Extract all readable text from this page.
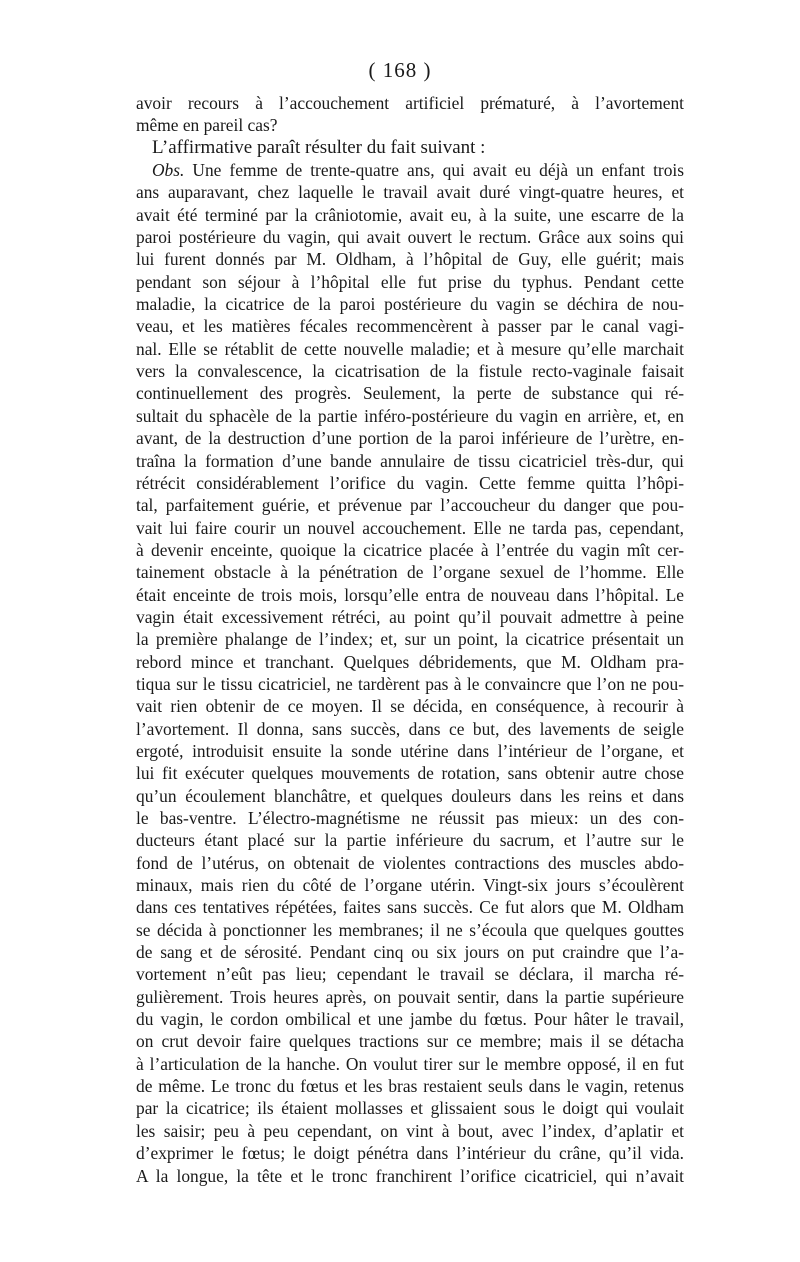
( 168 )
avoir recours à l’accouchement artificiel prématuré, à l’avortement
même en pareil cas?
L’affirmative paraît résulter du fait suivant :
Obs. Une femme de trente-quatre ans, qui avait eu déjà un enfant trois
ans auparavant, chez laquelle le travail avait duré vingt-quatre heures, et
avait été terminé par la crâniotomie, avait eu, à la suite, une escarre de la
paroi postérieure du vagin, qui avait ouvert le rectum. Grâce aux soins qui
lui furent donnés par M. Oldham, à l’hôpital de Guy, elle guérit; mais
pendant son séjour à l’hôpital elle fut prise du typhus. Pendant cette
maladie, la cicatrice de la paroi postérieure du vagin se déchira de nou-
veau, et les matières fécales recommencèrent à passer par le canal vagi-
nal. Elle se rétablit de cette nouvelle maladie; et à mesure qu’elle marchait
vers la convalescence, la cicatrisation de la fistule recto-vaginale faisait
continuellement des progrès. Seulement, la perte de substance qui ré-
sultait du sphacèle de la partie inféro-postérieure du vagin en arrière, et, en
avant, de la destruction d’une portion de la paroi inférieure de l’urètre, en-
traîna la formation d’une bande annulaire de tissu cicatriciel très-dur, qui
rétrécit considérablement l’orifice du vagin. Cette femme quitta l’hôpi-
tal, parfaitement guérie, et prévenue par l’accoucheur du danger que pou-
vait lui faire courir un nouvel accouchement. Elle ne tarda pas, cependant,
à devenir enceinte, quoique la cicatrice placée à l’entrée du vagin mît cer-
tainement obstacle à la pénétration de l’organe sexuel de l’homme. Elle
était enceinte de trois mois, lorsqu’elle entra de nouveau dans l’hôpital. Le
vagin était excessivement rétréci, au point qu’il pouvait admettre à peine
la première phalange de l’index; et, sur un point, la cicatrice présentait un
rebord mince et tranchant. Quelques débridements, que M. Oldham pra-
tiqua sur le tissu cicatriciel, ne tardèrent pas à le convaincre que l’on ne pou-
vait rien obtenir de ce moyen. Il se décida, en conséquence, à recourir à
l’avortement. Il donna, sans succès, dans ce but, des lavements de seigle
ergoté, introduisit ensuite la sonde utérine dans l’intérieur de l’organe, et
lui fit exécuter quelques mouvements de rotation, sans obtenir autre chose
qu’un écoulement blanchâtre, et quelques douleurs dans les reins et dans
le bas-ventre. L’électro-magnétisme ne réussit pas mieux: un des con-
ducteurs étant placé sur la partie inférieure du sacrum, et l’autre sur le
fond de l’utérus, on obtenait de violentes contractions des muscles abdo-
minaux, mais rien du côté de l’organe utérin. Vingt-six jours s’écoulèrent
dans ces tentatives répétées, faites sans succès. Ce fut alors que M. Oldham
se décida à ponctionner les membranes; il ne s’écoula que quelques gouttes
de sang et de sérosité. Pendant cinq ou six jours on put craindre que l’a-
vortement n’eût pas lieu; cependant le travail se déclara, il marcha ré-
gulièrement. Trois heures après, on pouvait sentir, dans la partie supérieure
du vagin, le cordon ombilical et une jambe du fœtus. Pour hâter le travail,
on crut devoir faire quelques tractions sur ce membre; mais il se détacha
à l’articulation de la hanche. On voulut tirer sur le membre opposé, il en fut
de même. Le tronc du fœtus et les bras restaient seuls dans le vagin, retenus
par la cicatrice; ils étaient mollasses et glissaient sous le doigt qui voulait
les saisir; peu à peu cependant, on vint à bout, avec l’index, d’aplatir et
d’exprimer le fœtus; le doigt pénétra dans l’intérieur du crâne, qu’il vida.
A la longue, la tête et le tronc franchirent l’orifice cicatriciel, qui n’avait
